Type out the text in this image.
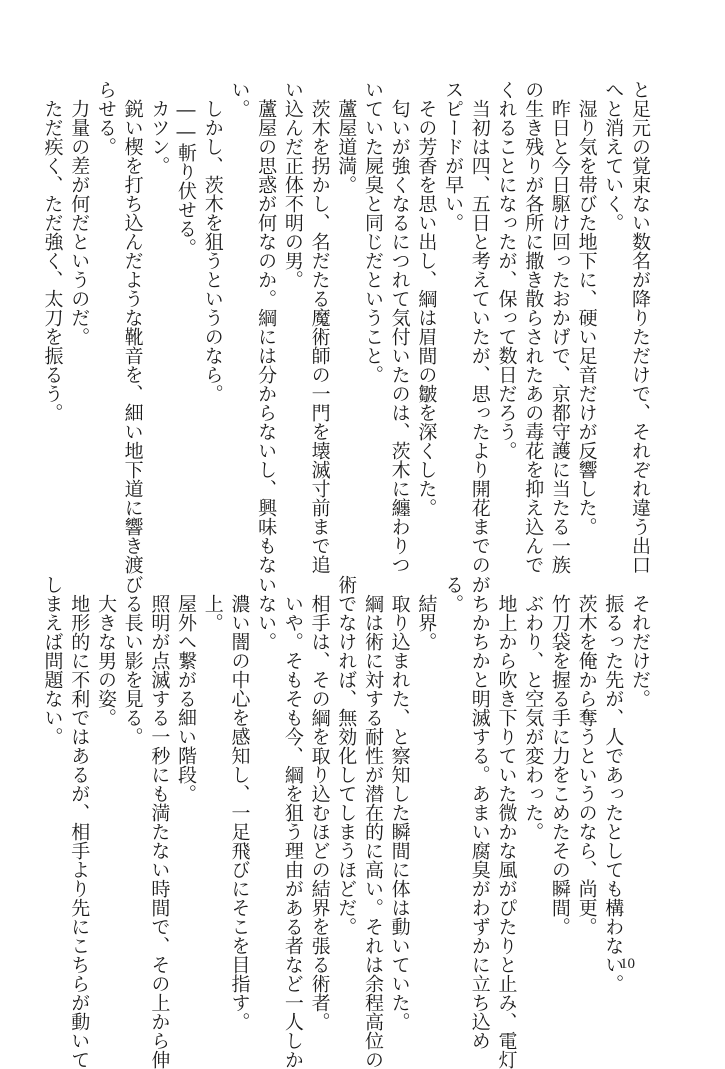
と足元の覚束ない数名が降りただけで、それぞれ違う出口
へと消えていく。
　湿り気を帯びた地下に、硬い足音だけが反響した。
　昨日と今日駆け回ったおかげで、京都守護に当たる一族
の生き残りが各所に撒き散らされたあの毒花を抑え込んで
くれることになったが、保って数日だろう。
　当初は四、五日と考えていたが、思ったより開花までの
スピードが早い。
　その芳香を思い出し、綱は眉間の皺を深くした。
　匂いが強くなるにつれて気付いたのは、茨木に纏わりつ
いていた屍臭と同じだということ。
　蘆屋道満。
　茨木を拐かし、名だたる魔術師の一門を壊滅寸前まで追
い込んだ正体不明の男。
　蘆屋の思惑が何なのか。綱には分からないし、興味もな
い。
　しかし、茨木を狙うというのなら。
　――斬り伏せる。
　カツン。
　鋭い楔を打ち込んだような靴音を、細い地下道に響き渡
らせる。
　力量の差が何だというのだ。
　ただ疾く、ただ強く、太刀を振るう。
　それだけだ。
　振るった先が、人であったとしても構わない。
　茨木を俺から奪うというのなら、尚更。
　竹刀袋を握る手に力をこめたその瞬間。
　ぶわり、と空気が変わった。
　地上から吹き下りていた微かな風がぴたりと止み、電灯
がちかちかと明滅する。あまい腐臭がわずかに立ち込め
る。
　結界。
　取り込まれた、と察知した瞬間に体は動いていた。
　綱は術に対する耐性が潜在的に高い。それは余程高位の
術でなければ、無効化してしまうほどだ。
　相手は、その綱を取り込むほどの結界を張る術者。
　いや。そもそも今、綱を狙う理由がある者など一人しか
いない。
　濃い闇の中心を感知し、一足飛びにそこを目指す。
　上。
　屋外へ繋がる細い階段。
　照明が点滅する一秒にも満たない時間で、その上から伸
びる長い影を見る。
　大きな男の姿。
　地形的に不利ではあるが、相手より先にこちらが動いて
しまえば問題ない。
10
